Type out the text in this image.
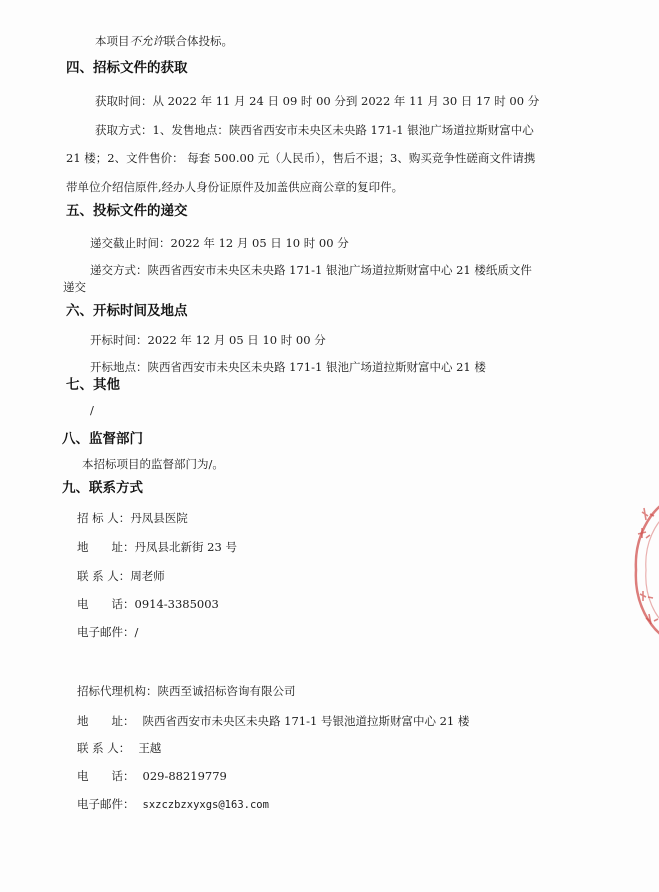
本项目不允许联合体投标。
四、招标文件的获取
获取时间：从 2022 年 11 月 24 日 09 时 00 分到 2022 年 11 月 30 日 17 时 00 分
获取方式：1、发售地点：陕西省西安市未央区未央路 171-1 银池广场道拉斯财富中心
21 楼；2、文件售价： 每套 500.00 元（人民币），售后不退；3、购买竞争性磋商文件请携
带单位介绍信原件,经办人身份证原件及加盖供应商公章的复印件。
五、投标文件的递交
递交截止时间：2022 年 12 月 05 日 10 时 00 分
递交方式：陕西省西安市未央区未央路 171-1 银池广场道拉斯财富中心 21 楼纸质文件
递交
六、开标时间及地点
开标时间：2022 年 12 月 05 日 10 时 00 分
开标地点：陕西省西安市未央区未央路 171-1 银池广场道拉斯财富中心 21 楼
七、其他
/
八、监督部门
本招标项目的监督部门为/。
九、联系方式
招 标 人：丹凤县医院
地　　址：丹凤县北新街 23 号
联 系 人：周老师
电　　话：0914-3385003
电子邮件：/
招标代理机构：陕西至诚招标咨询有限公司
地　　址： 陕西省西安市未央区未央路 171-1 号银池道拉斯财富中心 21 楼
联 系 人： 王越
电　　话： 029-88219779
电子邮件： sxzczbzxyxgs@163.com
